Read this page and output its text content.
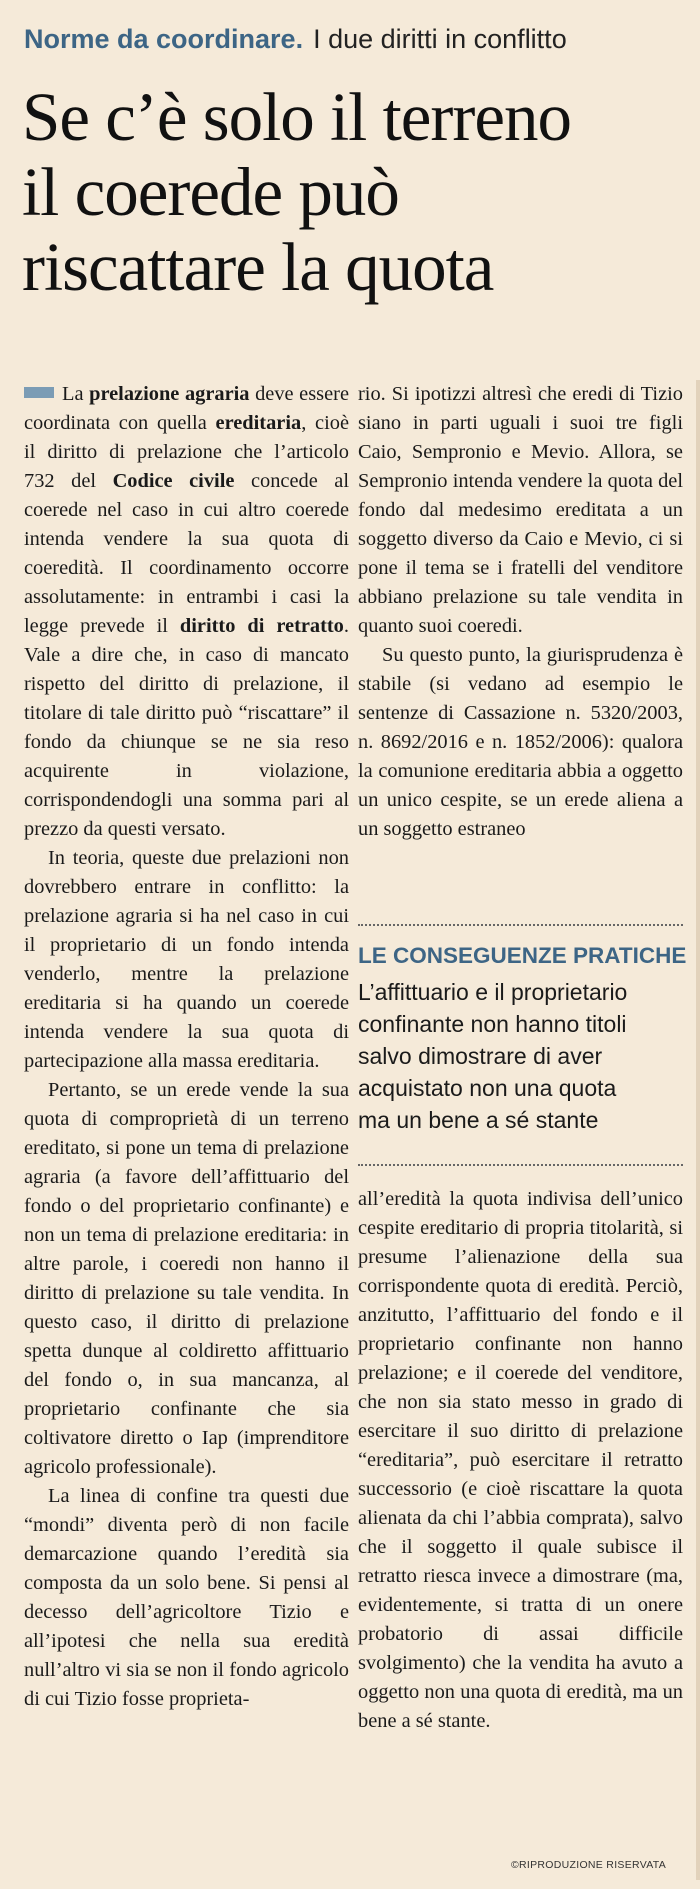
Norme da coordinare. I due diritti in conflitto
Se c’è solo il terreno
il coerede può
riscattare la quota

La prelazione agraria deve essere coordinata con quella ereditaria, cioè il diritto di prelazione che l’articolo 732 del Codice civile concede al coerede nel caso in cui altro coerede intenda vendere la sua quota di coeredità. Il coordinamento occorre assolutamente: in entrambi i casi la legge prevede il diritto di retratto. Vale a dire che, in caso di mancato rispetto del diritto di prelazione, il titolare di tale diritto può “riscattare” il fondo da chiunque se ne sia reso acquirente in violazione, corrispondendogli una somma pari al prezzo da questi versato.

In teoria, queste due prelazioni non dovrebbero entrare in conflitto: la prelazione agraria si ha nel caso in cui il proprietario di un fondo intenda venderlo, mentre la prelazione ereditaria si ha quando un coerede intenda vendere la sua quota di partecipazione alla massa ereditaria.

Pertanto, se un erede vende la sua quota di comproprietà di un terreno ereditato, si pone un tema di prelazione agraria (a favore dell’affittuario del fondo o del proprietario confinante) e non un tema di prelazione ereditaria: in altre parole, i coeredi non hanno il diritto di prelazione su tale vendita. In questo caso, il diritto di prelazione spetta dunque al coldiretto affittuario del fondo o, in sua mancanza, al proprietario confinante che sia coltivatore diretto o Iap (imprenditore agricolo professionale).

La linea di confine tra questi due “mondi” diventa però di non facile demarcazione quando l’eredità sia composta da un solo bene. Si pensi al decesso dell’agricoltore Tizio e all’ipotesi che nella sua eredità null’altro vi sia se non il fondo agricolo di cui Tizio fosse proprieta-

rio. Si ipotizzi altresì che eredi di Tizio siano in parti uguali i suoi tre figli Caio, Sempronio e Mevio. Allora, se Sempronio intenda vendere la quota del fondo dal medesimo ereditata a un soggetto diverso da Caio e Mevio, ci si pone il tema se i fratelli del venditore abbiano prelazione su tale vendita in quanto suoi coeredi.

Su questo punto, la giurisprudenza è stabile (si vedano ad esempio le sentenze di Cassazione n. 5320/2003, n. 8692/2016 e n. 1852/2006): qualora la comunione ereditaria abbia a oggetto un unico cespite, se un erede aliena a un soggetto estraneo

LE CONSEGUENZE PRATICHE
L’affittuario e il proprietario
confinante non hanno titoli
salvo dimostrare di aver
acquistato non una quota
ma un bene a sé stante

all’eredità la quota indivisa dell’unico cespite ereditario di propria titolarità, si presume l’alienazione della sua corrispondente quota di eredità. Perciò, anzitutto, l’affittuario del fondo e il proprietario confinante non hanno prelazione; e il coerede del venditore, che non sia stato messo in grado di esercitare il suo diritto di prelazione “ereditaria”, può esercitare il retratto successorio (e cioè riscattare la quota alienata da chi l’abbia comprata), salvo che il soggetto il quale subisce il retratto riesca invece a dimostrare (ma, evidentemente, si tratta di un onere probatorio di assai difficile svolgimento) che la vendita ha avuto a oggetto non una quota di eredità, ma un bene a sé stante.

©RIPRODUZIONE RISERVATA
